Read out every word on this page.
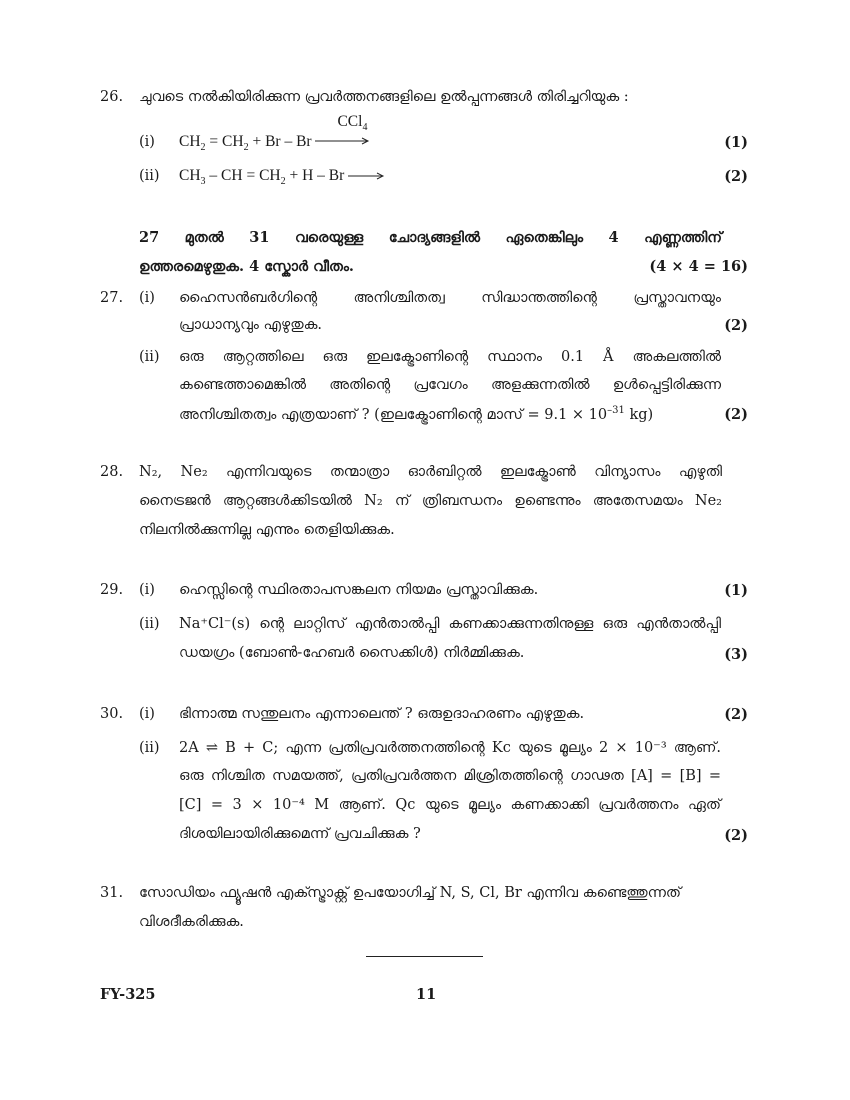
26. ചുവടെ നൽകിയിരിക്കുന്ന പ്രവർത്തനങ്ങളിലെ ഉൽപ്പന്നങ്ങൾ തിരിച്ചറിയുക :
(i) $CH_2 = CH_2 + Br - Br$
CCl$_4$
(1)
(ii) $CH_3$ – CH = $CH_2 + H - Br$	(2)
27 മുതൽ 31 വരെയുള്ള ചോദ്യങ്ങളിൽ ഏതെങ്കിലും 4 എണ്ണത്തിന്
ഉത്തരമെഴുതുക. 4 സ്കോർ വീതം.	(4 × 4 = 16)
27. (i) ഹൈസൻബർഗിന്റെ അനിശ്ചിതത്വ സിദ്ധാന്തത്തിന്റെ പ്രസ്താവനയും
പ്രാധാന്യവും എഴുതുക.	(2)
(ii) ഒരു ആറ്റത്തിലെ ഒരു ഇലക്ട്രോണിന്റെ സ്ഥാനം 0.1 Å അകലത്തിൽ
കണ്ടെത്താമെങ്കിൽ അതിന്റെ പ്രവേഗം അളക്കുന്നതിൽ ഉൾപ്പെട്ടിരിക്കുന്ന
അനിശ്ചിതത്വം എത്രയാണ് ? (ഇലക്ട്രോണിന്റെ മാസ് = $9.1 \times 10^{-31}$ kg)	(2)
28. N₂, Ne₂ എന്നിവയുടെ തന്മാത്രാ ഓർബിറ്റൽ ഇലക്ട്രോൺ വിന്യാസം എഴുതി
നൈട്രജൻ ആറ്റങ്ങൾക്കിടയിൽ N₂ ന് ത്രിബന്ധനം ഉണ്ടെന്നും അതേസമയം Ne₂
നിലനിൽക്കുന്നില്ല എന്നും തെളിയിക്കുക.
29. (i) ഹെസ്സിന്റെ സ്ഥിരതാപസങ്കലന നിയമം പ്രസ്താവിക്കുക.	(1)
(ii) Na⁺Cl⁻(s) ന്റെ ലാറ്റിസ് എൻതാൽപ്പി കണക്കാക്കുന്നതിനുള്ള ഒരു എൻതാൽപ്പി
ഡയഗ്രം (ബോൺ-ഹേബർ സൈക്കിൾ) നിർമ്മിക്കുക.	(3)
30. (i) ഭിന്നാത്മ സന്തുലനം എന്നാലെന്ത് ? ഒരുഉദാഹരണം എഴുതുക.	(2)
(ii) 2A ⇌ B + C; എന്ന പ്രതിപ്രവർത്തനത്തിന്റെ Kc യുടെ മൂല്യം 2 × 10⁻³ ആണ്.
ഒരു നിശ്ചിത സമയത്ത്, പ്രതിപ്രവർത്തന മിശ്രിതത്തിന്റെ ഗാഢത [A] = [B] =
[C] = 3 × 10⁻⁴ M ആണ്. Qc യുടെ മൂല്യം കണക്കാക്കി പ്രവർത്തനം ഏത്
ദിശയിലായിരിക്കുമെന്ന് പ്രവചിക്കുക ?	(2)
31. സോഡിയം ഫ്യൂഷൻ എക്സ്ട്രാക്റ്റ് ഉപയോഗിച്ച് N, S, Cl, Br എന്നിവ കണ്ടെത്തുന്നത്
വിശദീകരിക്കുക.
FY-325	11
